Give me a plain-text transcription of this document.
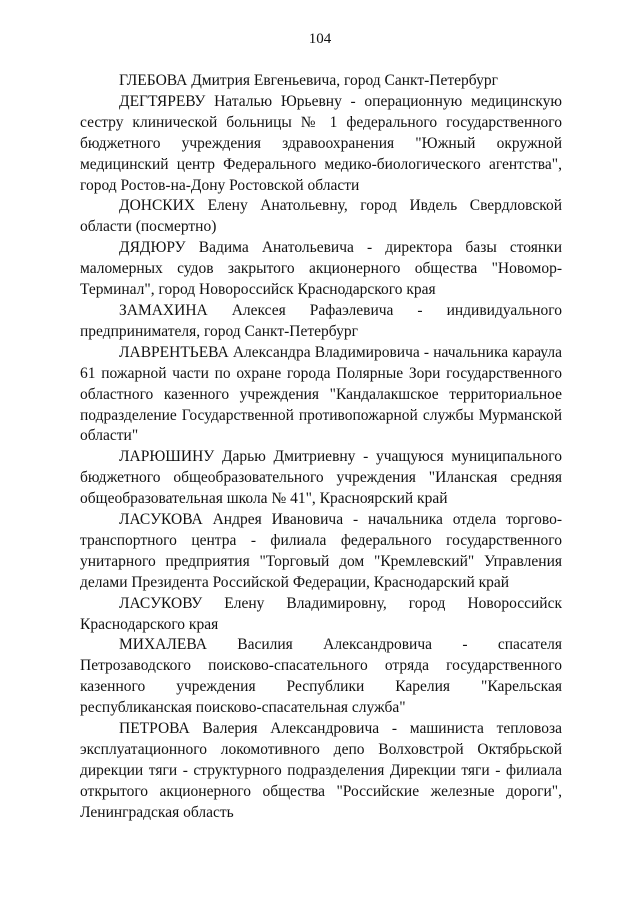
104

ГЛЕБОВА Дмитрия Евгеньевича, город Санкт-Петербург

ДЕГТЯРЕВУ Наталью Юрьевну - операционную медицинскую сестру клинической больницы № 1 федерального государственного бюджетного учреждения здравоохранения "Южный окружной медицинский центр Федерального медико-биологического агентства", город Ростов-на-Дону Ростовской области

ДОНСКИХ Елену Анатольевну, город Ивдель Свердловской области (посмертно)

ДЯДЮРУ Вадима Анатольевича - директора базы стоянки маломерных судов закрытого акционерного общества "Новомор-Терминал", город Новороссийск Краснодарского края

ЗАМАХИНА Алексея Рафаэлевича - индивидуального предпринимателя, город Санкт-Петербург

ЛАВРЕНТЬЕВА Александра Владимировича - начальника караула 61 пожарной части по охране города Полярные Зори государственного областного казенного учреждения "Кандалакшское территориальное подразделение Государственной противопожарной службы Мурманской области"

ЛАРЮШИНУ Дарью Дмитриевну - учащуюся муниципального бюджетного общеобразовательного учреждения "Иланская средняя общеобразовательная школа № 41", Красноярский край

ЛАСУКОВА Андрея Ивановича - начальника отдела торгово-транспортного центра - филиала федерального государственного унитарного предприятия "Торговый дом "Кремлевский" Управления делами Президента Российской Федерации, Краснодарский край

ЛАСУКОВУ Елену Владимировну, город Новороссийск Краснодарского края

МИХАЛЕВА Василия Александровича - спасателя Петрозаводского поисково-спасательного отряда государственного казенного учреждения Республики Карелия "Карельская республиканская поисково-спасательная служба"

ПЕТРОВА Валерия Александровича - машиниста тепловоза эксплуатационного локомотивного депо Волховстрой Октябрьской дирекции тяги - структурного подразделения Дирекции тяги - филиала открытого акционерного общества "Российские железные дороги", Ленинградская область
